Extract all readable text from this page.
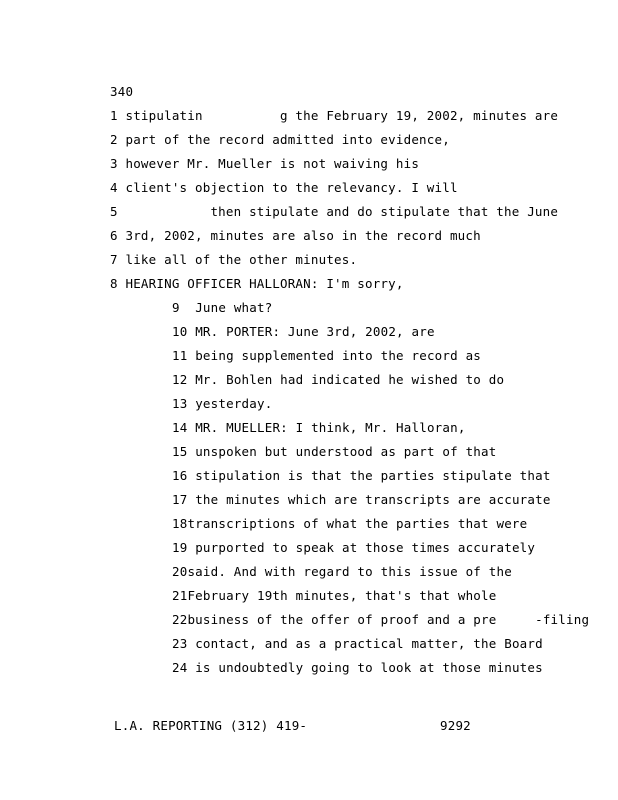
340
1 stipulatin          g the February 19, 2002, minutes are
2 part of the record admitted into evidence,
3 however Mr. Mueller is not waiving his
4 client's objection to the relevancy. I will
5            then stipulate and do stipulate that the June
6 3rd, 2002, minutes are also in the record much
7 like all of the other minutes.
8 HEARING OFFICER HALLORAN: I'm sorry,
9 June what?
10 MR. PORTER: June 3rd, 2002, are
11 being supplemented into the record as
12 Mr. Bohlen had indicated he wished to do
13 yesterday.
14 MR. MUELLER: I think, Mr. Halloran,
15 unspoken but understood as part of that
16 stipulation is that the parties stipulate that
17 the minutes which are transcripts are accurate
18transcriptions of what the parties that were
19 purported to speak at those times accurately
20said. And with regard to this issue of the
21February 19th minutes, that's that whole
22business of the offer of proof and a pre     -filing
23 contact, and as a practical matter, the Board
24 is undoubtedly going to look at those minutes
L.A. REPORTING (312) 419-	9292
